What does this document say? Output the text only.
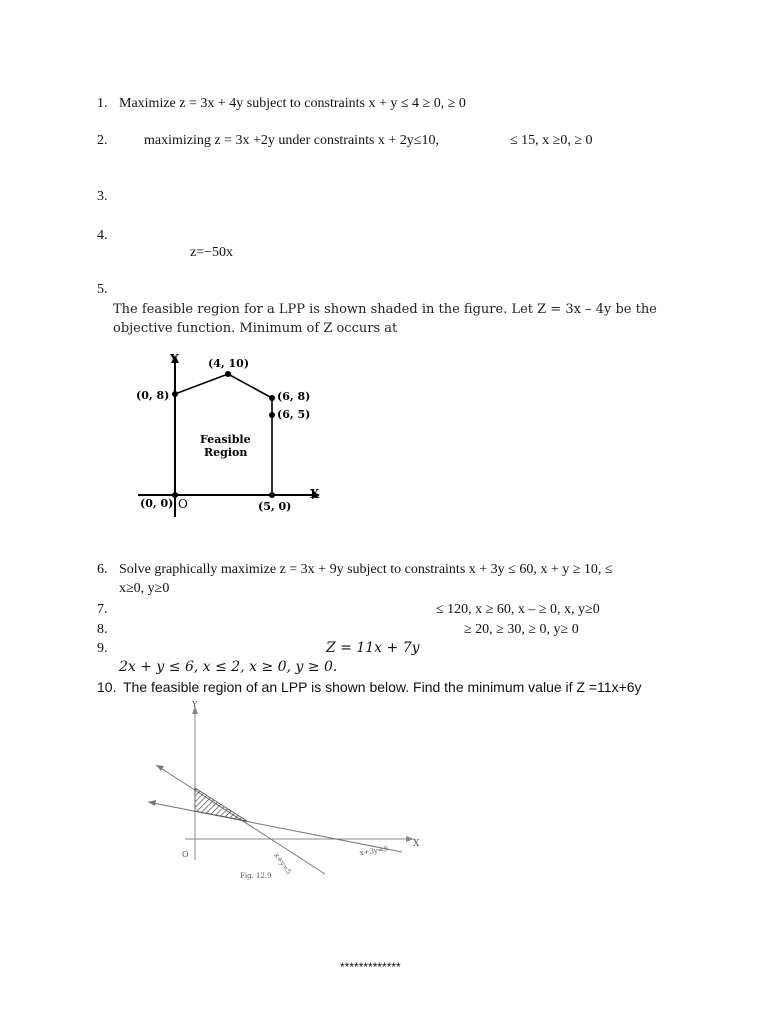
1. Maximize z = 3x + 4y subject to constraints x + y ≤ 4 ≥ 0, ≥ 0
2.	maximizing z = 3x +2y under constraints x + 2y≤10,	≤ 15, x ≥0, ≥ 0
3.
4.
z=−50x
5.
The feasible region for a LPP is shown shaded in the figure. Let Z = 3x – 4y be the
objective function. Minimum of Z occurs at
Y
X
O
(0, 8)
(4, 10)
(6, 8)
(6, 5)
(5, 0)
(0, 0)
Feasible
Region
6. Solve graphically maximize z = 3x + 9y subject to constraints x + 3y ≤ 60, x + y ≥ 10, ≤
x≥0, y≥0
7.	≤ 120, x ≥ 60, x – ≥ 0, x, y≥0
8.	≥ 20, ≥ 30, ≥ 0, y≥ 0
9.	Z = 11x + 7y
2x + y ≤ 6, x ≤ 2, x ≥ 0, y ≥ 0.
10. The feasible region of an LPP is shown below. Find the minimum value if Z =11x+6y
Y
X
O	x+y=5
x+3y=9
Fig. 12.9
*************
